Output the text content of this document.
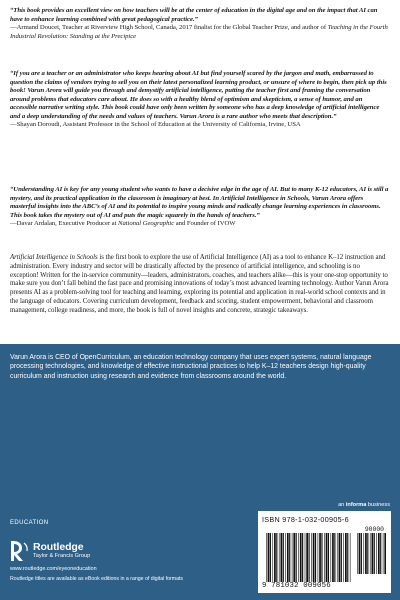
“This book provides an excellent view on how teachers will be at the center of education in the digital age and on the impact that AI can have to enhance learning combined with great pedagogical practice.”

—Armand Doucet, Teacher at Riverview High School, Canada, 2017 finalist for the Global Teacher Prize, and author of Teaching in the Fourth Industrial Revolution: Standing at the Precipice

“If you are a teacher or an administrator who keeps hearing about AI but find yourself scared by the jargon and math, embarrassed to question the claims of vendors trying to sell you on their latest personalized learning product, or unsure of where to begin, then pick up this book! Varun Arora will guide you through and demystify artificial intelligence, putting the teacher first and framing the conversation around problems that educators care about. He does so with a healthy blend of optimism and skepticism, a sense of humor, and an accessible narrative writing style. This book could have only been written by someone who has a deep knowledge of artificial intelligence and a deep understanding of the needs and values of teachers. Varun Arora is a rare author who meets that description.”

—Shayan Doroudi, Assistant Professor in the School of Education at the University of California, Irvine, USA

“Understanding AI is key for any young student who wants to have a decisive edge in the age of AI. But to many K-12 educators, AI is still a mystery, and its practical application in the classroom is imaginary at best. In Artificial Intelligence in Schools, Varun Arora offers masterful insights into the ABC’s of AI and its potential to inspire young minds and radically change learning experiences in classrooms. This book takes the mystery out of AI and puts the magic squarely in the hands of teachers.”

—Davar Ardalan, Executive Producer at National Geographic and Founder of IVOW

Artificial Intelligence in Schools is the first book to explore the use of Artificial Intelligence (AI) as a tool to enhance K–12 instruction and administration. Every industry and sector will be drastically affected by the presence of artificial intelligence, and schooling is no exception! Written for the in-service community—leaders, administrators, coaches, and teachers alike—this is your one-stop opportunity to make sure you don’t fall behind the fast pace and promising innovations of today’s most advanced learning technology. Author Varun Arora presents AI as a problem-solving tool for teaching and learning, exploring its potential and application in real-world school contexts and in the language of educators. Covering curriculum development, feedback and scoring, student empowerment, behavioral and classroom management, college readiness, and more, the book is full of novel insights and concrete, strategic takeaways.

Varun Arora is CEO of OpenCurriculum, an education technology company that uses expert systems, natural language processing technologies, and knowledge of effective instructional practices to help K–12 teachers design high-quality curriculum and instruction using research and evidence from classrooms around the world.
an informa business
EDUCATION
Routledge
Taylor & Francis Group
www.routledge.com/eyeoneducation
Routledge titles are available as eBook editions in a range of digital formats
ISBN 978-1-032-00905-6
90000
9 781032 009056
